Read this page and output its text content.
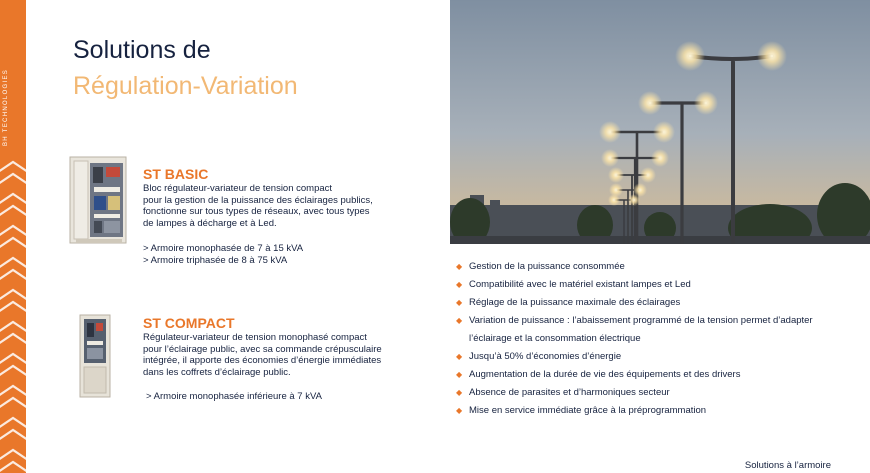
BH TECHNOLOGIES
Solutions de
Régulation-Variation
ST BASIC
Bloc régulateur-variateur de tension compact
pour la gestion de la puissance des éclairages publics,
fonctionne sur tous types de réseaux, avec tous types
de lampes à décharge et à Led.
> Armoire monophasée de 7 à 15 kVA
> Armoire triphasée de 8 à 75 kVA
ST COMPACT
Régulateur-variateur de tension monophasé compact
pour l’éclairage public, avec sa commande crépusculaire
intégrée, il apporte des économies d’énergie immédiates
dans les coffrets d’éclairage public.
> Armoire monophasée inférieure à 7 kVA
◆ Gestion de la puissance consommée
◆ Compatibilité avec le matériel existant lampes et Led
◆ Réglage de la puissance maximale des éclairages
◆ Variation de puissance : l’abaissement programmé de la tension permet d’adapter
l’éclairage et la consommation électrique
◆ Jusqu’à 50% d’économies d’énergie
◆ Augmentation de la durée de vie des équipements et des drivers
◆ Absence de parasites et d’harmoniques secteur
◆ Mise en service immédiate grâce à la préprogrammation
Solutions à l’armoire
